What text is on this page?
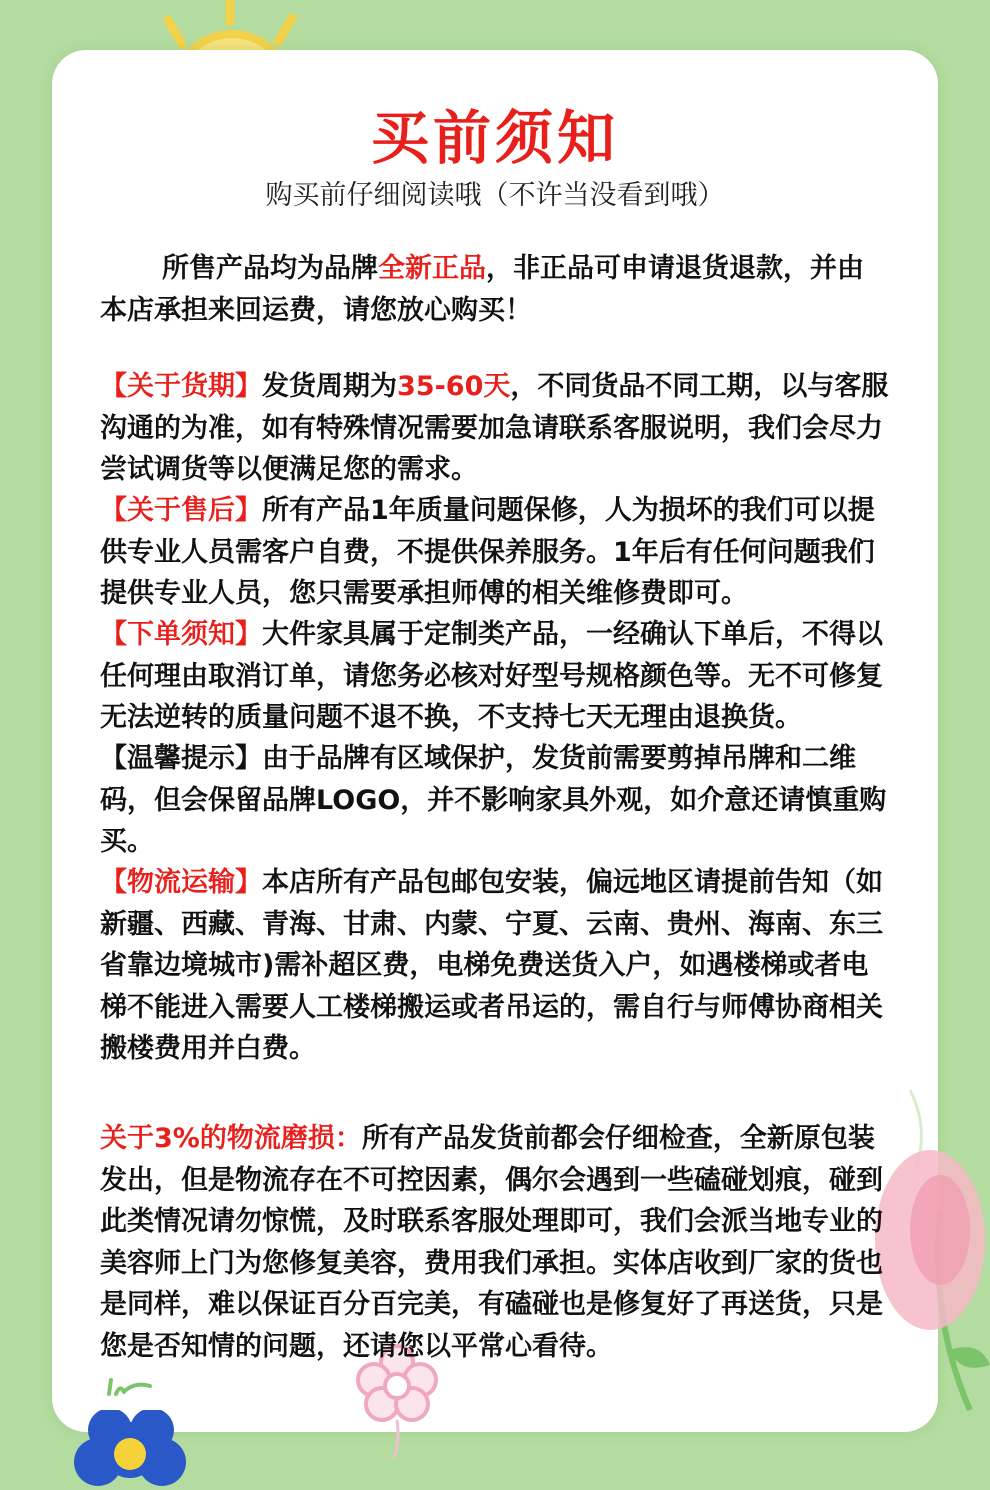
买前须知
购买前仔细阅读哦（不许当没看到哦）
所售产品均为品牌全新正品，非正品可申请退货退款，并由本店承担来回运费，请您放心购买！
【关于货期】发货周期为35-60天，不同货品不同工期，以与客服沟通的为准，如有特殊情况需要加急请联系客服说明，我们会尽力尝试调货等以便满足您的需求。
【关于售后】所有产品1年质量问题保修，人为损坏的我们可以提供专业人员需客户自费，不提供保养服务。1年后有任何问题我们提供专业人员，您只需要承担师傅的相关维修费即可。
【下单须知】大件家具属于定制类产品，一经确认下单后，不得以任何理由取消订单，请您务必核对好型号规格颜色等。无不可修复无法逆转的质量问题不退不换，不支持七天无理由退换货。
【温馨提示】由于品牌有区域保护，发货前需要剪掉吊牌和二维码，但会保留品牌LOGO，并不影响家具外观，如介意还请慎重购买。
【物流运输】本店所有产品包邮包安装，偏远地区请提前告知（如新疆、西藏、青海、甘肃、内蒙、宁夏、云南、贵州、海南、东三省靠边境城市)需补超区费，电梯免费送货入户，如遇楼梯或者电梯不能进入需要人工楼梯搬运或者吊运的，需自行与师傅协商相关搬楼费用并白费。
关于3%的物流磨损：所有产品发货前都会仔细检查，全新原包装发出，但是物流存在不可控因素，偶尔会遇到一些磕碰划痕，碰到此类情况请勿惊慌，及时联系客服处理即可，我们会派当地专业的美容师上门为您修复美容，费用我们承担。实体店收到厂家的货也是同样，难以保证百分百完美，有磕碰也是修复好了再送货，只是您是否知情的问题，还请您以平常心看待。
